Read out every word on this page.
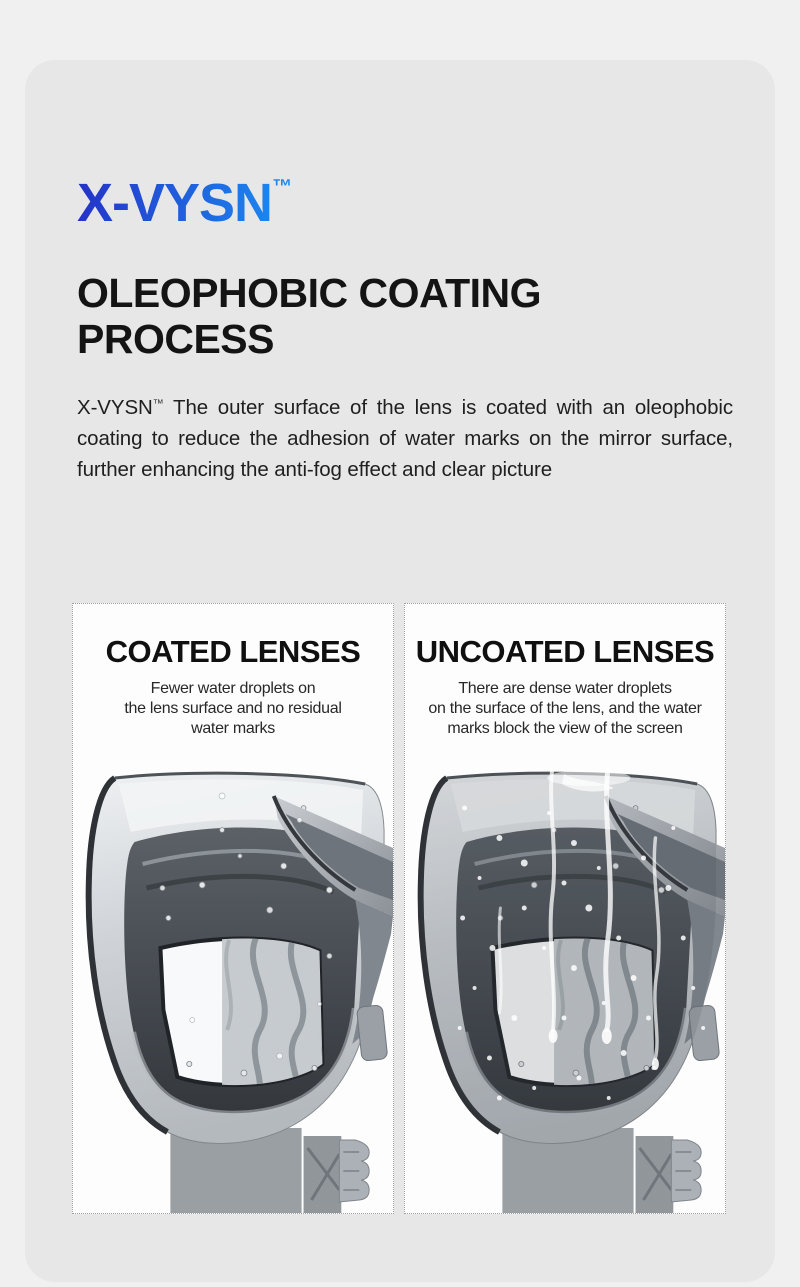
X-VYSN™
OLEOPHOBIC COATING PROCESS

X-VYSN™ The outer surface of the lens is coated with an oleophobic coating to reduce the adhesion of water marks on the mirror surface, further enhancing the anti-fog effect and clear picture

COATED LENSES
Fewer water droplets on
the lens surface and no residual
water marks
UNCOATED LENSES
There are dense water droplets
on the surface of the lens, and the water
marks block the view of the screen
